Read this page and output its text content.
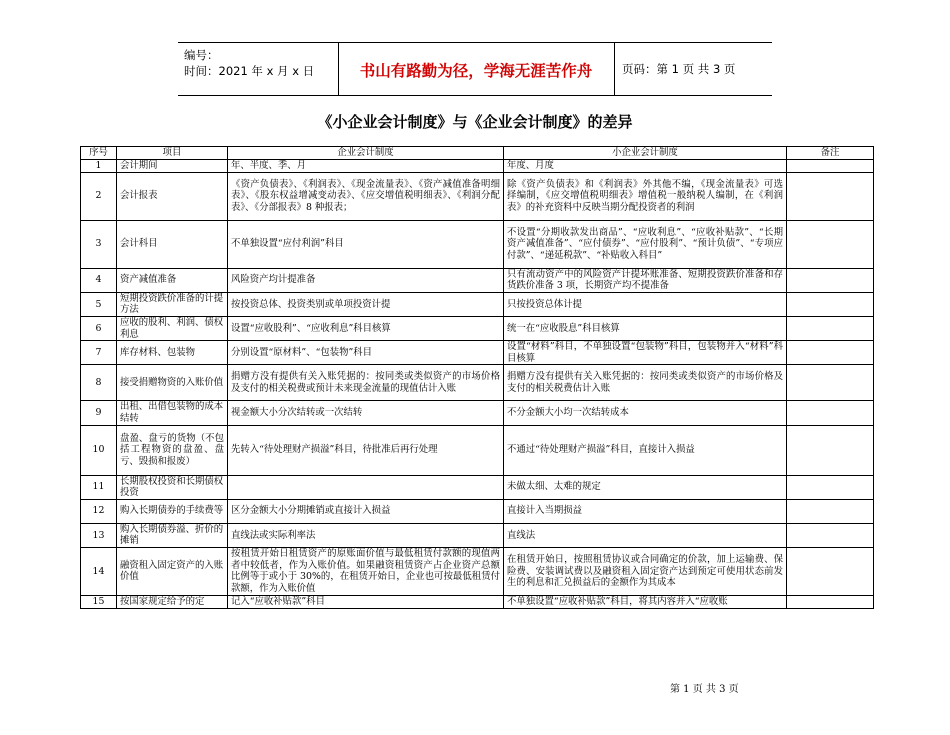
编号：
时间：2021 年 x 月 x 日	书山有路勤为径，学海无涯苦作舟	页码：第 1 页 共 3 页
《小企业会计制度》与《企业会计制度》的差异
序号	项目	企业会计制度	小企业会计制度	备注
1	会计期间	年、半度、季、月	年度、月度	
2	会计报表	《资产负债表》、《利润表》、《现金流量表》、《资产减值准备明细表》、《股东权益增减变动表》、《应交增值税明细表》、《利润分配表》、《分部报表》8 种报表；	除《资产负债表》和《利润表》外其他不编，《现金流量表》可选择编制，《应交增值税明细表》增值税一般纳税人编制，在《利润表》的补充资料中反映当期分配投资者的利润	
3	会计科目	不单独设置“应付利润”科目	不设置“分期收款发出商品”、“应收利息”、“应收补贴款”、“长期资产减值准备”、“应付债券”、“应付股利”、“预计负债”、“专项应付款”、“递延税款”、“补贴收入科目”	
4	资产减值准备	风险资产均计提准备	只有流动资产中的风险资产计提坏账准备、短期投资跌价准备和存货跌价准备 3 项，长期资产均不提准备	
5	短期投资跌价准备的计提方法	按投资总体、投资类别或单项投资计提	只按投资总体计提	
6	应收的股利、利润、债权利息	设置“应收股利”、“应收利息”科目核算	统一在“应收股息”科目核算	
7	库存材料、包装物	分别设置“原材料”、“包装物”科目	设置“材料”科目，不单独设置“包装物”科目，包装物并入“材料”科目核算	
8	接受捐赠物资的入账价值	捐赠方没有提供有关入账凭据的：按同类或类似资产的市场价格及支付的相关税费或预计未来现金流量的现值估计入账	捐赠方没有提供有关入账凭据的：按同类或类似资产的市场价格及支付的相关税费估计入账	
9	出租、出借包装物的成本结转	视金额大小分次结转或一次结转	不分金额大小均一次结转成本	
10	盘盈、盘亏的货物（不包括工程物资的盘盈、盘亏、毁损和报废）	先转入“待处理财产损溢”科目，待批准后再行处理	不通过“待处理财产损溢”科目，直接计入损益	
11	长期股权投资和长期债权投资		未做太细、太难的规定	
12	购入长期债券的手续费等	区分金额大小分期摊销或直接计入损益	直接计入当期损益	
13	购入长期债券溢、折价的摊销	直线法或实际利率法	直线法	
14	融资租入固定资产的入账价值	按租赁开始日租赁资产的原账面价值与最低租赁付款额的现值两者中较低者，作为入账价值。如果融资租赁资产占企业资产总额比例等于或小于 30%的，在租赁开始日，企业也可按最低租赁付款额，作为入账价值	在租赁开始日，按照租赁协议或合同确定的价款，加上运输费、保险费、安装调试费以及融资租入固定资产达到预定可使用状态前发生的利息和汇兑损益后的金额作为其成本	
15	按国家规定给予的定	记入“应收补贴款”科目	不单独设置“应收补贴款”科目，将其内容并入“应收账	
第 1 页 共 3 页
